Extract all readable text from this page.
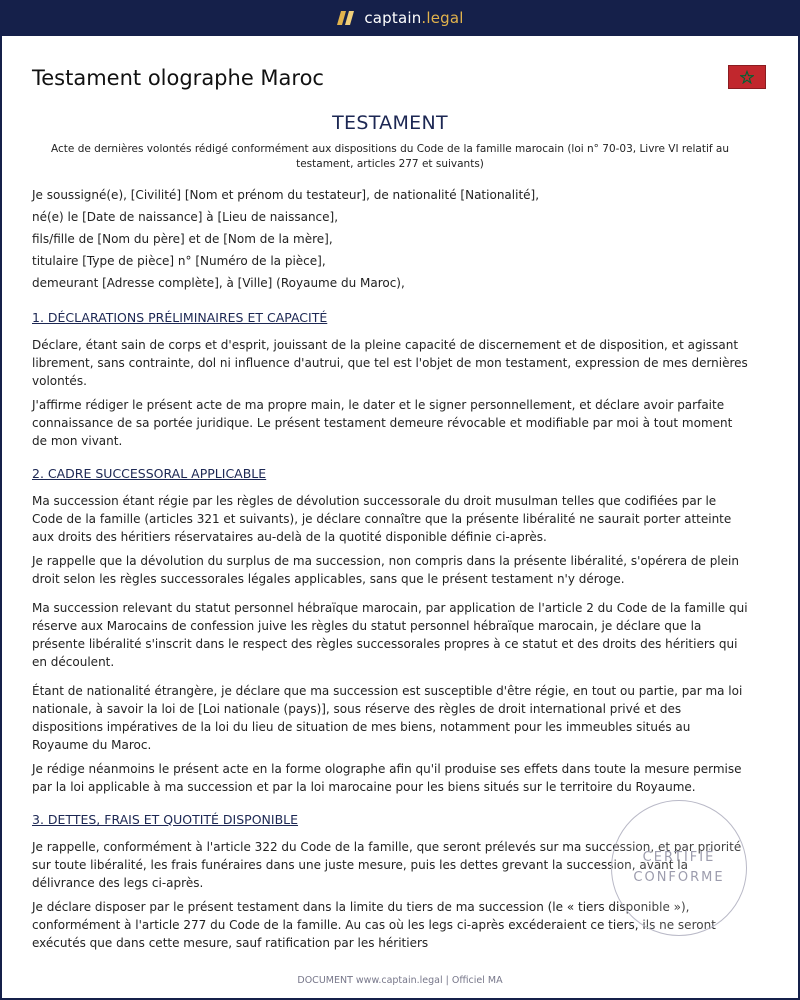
captain.legal
Testament olographe Maroc
TESTAMENT
Acte de dernières volontés rédigé conformément aux dispositions du Code de la famille marocain (loi n° 70-03, Livre VI relatif au testament, articles 277 et suivants)
Je soussigné(e), [Civilité] [Nom et prénom du testateur], de nationalité [Nationalité],
né(e) le [Date de naissance] à [Lieu de naissance],
fils/fille de [Nom du père] et de [Nom de la mère],
titulaire [Type de pièce] n° [Numéro de la pièce],
demeurant [Adresse complète], à [Ville] (Royaume du Maroc),
1. DÉCLARATIONS PRÉLIMINAIRES ET CAPACITÉ

Déclare, étant sain de corps et d'esprit, jouissant de la pleine capacité de discernement et de disposition, et agissant librement, sans contrainte, dol ni influence d'autrui, que tel est l'objet de mon testament, expression de mes dernières volontés.

J'affirme rédiger le présent acte de ma propre main, le dater et le signer personnellement, et déclare avoir parfaite connaissance de sa portée juridique. Le présent testament demeure révocable et modifiable par moi à tout moment de mon vivant.

2. CADRE SUCCESSORAL APPLICABLE

Ma succession étant régie par les règles de dévolution successorale du droit musulman telles que codifiées par le Code de la famille (articles 321 et suivants), je déclare connaître que la présente libéralité ne saurait porter atteinte aux droits des héritiers réservataires au-delà de la quotité disponible définie ci-après.

Je rappelle que la dévolution du surplus de ma succession, non compris dans la présente libéralité, s'opérera de plein droit selon les règles successorales légales applicables, sans que le présent testament n'y déroge.

Ma succession relevant du statut personnel hébraïque marocain, par application de l'article 2 du Code de la famille qui réserve aux Marocains de confession juive les règles du statut personnel hébraïque marocain, je déclare que la présente libéralité s'inscrit dans le respect des règles successorales propres à ce statut et des droits des héritiers qui en découlent.

Étant de nationalité étrangère, je déclare que ma succession est susceptible d'être régie, en tout ou partie, par ma loi nationale, à savoir la loi de [Loi nationale (pays)], sous réserve des règles de droit international privé et des dispositions impératives de la loi du lieu de situation de mes biens, notamment pour les immeubles situés au Royaume du Maroc.

Je rédige néanmoins le présent acte en la forme olographe afin qu'il produise ses effets dans toute la mesure permise par la loi applicable à ma succession et par la loi marocaine pour les biens situés sur le territoire du Royaume.

3. DETTES, FRAIS ET QUOTITÉ DISPONIBLE

Je rappelle, conformément à l'article 322 du Code de la famille, que seront prélevés sur ma succession, et par priorité sur toute libéralité, les frais funéraires dans une juste mesure, puis les dettes grevant la succession, avant la délivrance des legs ci-après.

Je déclare disposer par le présent testament dans la limite du tiers de ma succession (le « tiers disponible »), conformément à l'article 277 du Code de la famille. Au cas où les legs ci-après excéderaient ce tiers, ils ne seront exécutés que dans cette mesure, sauf ratification par les héritiers

CERTIFIÉ
CONFORME
DOCUMENT www.captain.legal | Officiel MA
